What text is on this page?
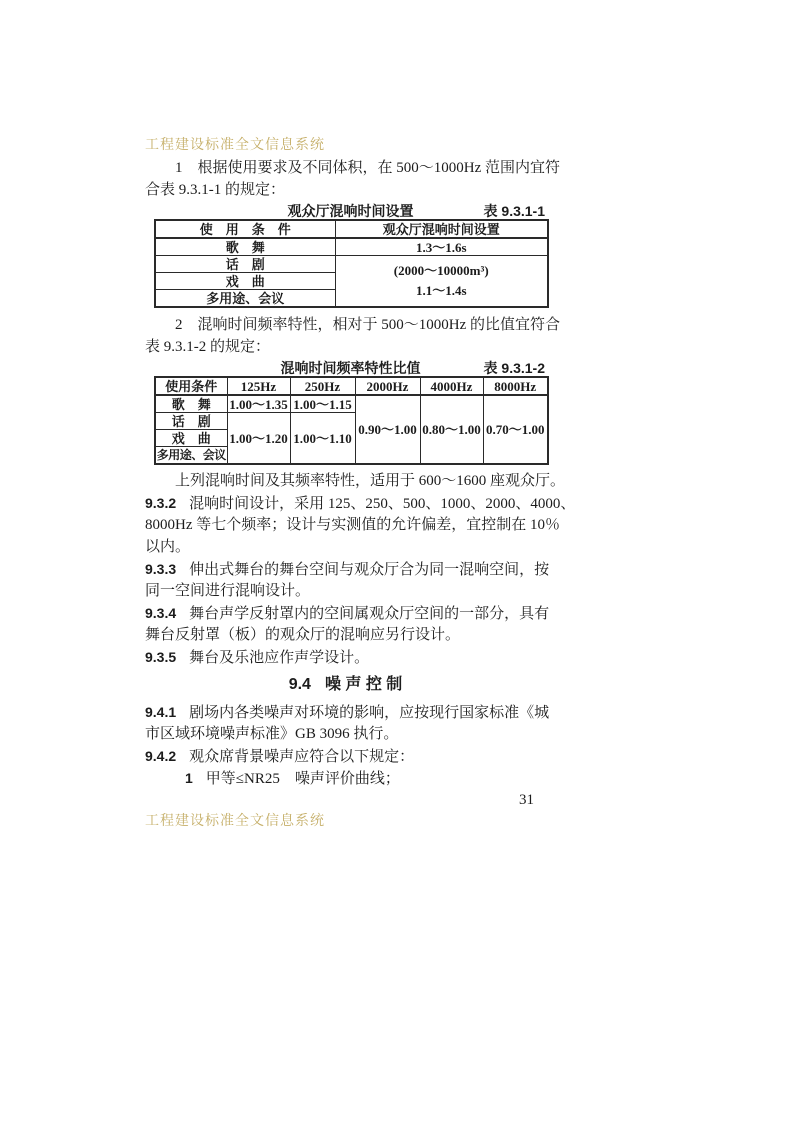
工程建设标准全文信息系统
1　根据使用要求及不同体积，在 500～1000Hz 范围内宜符
合表 9.3.1-1 的规定：
观众厅混响时间设置	表 9.3.1-1
使　用　条　件	观众厅混响时间设置
歌　舞	1.3～1.6s
话　剧	(2000～10000m³)
1.1～1.4s

戏　曲	
多用途、会议	
2　混响时间频率特性，相对于 500～1000Hz 的比值宜符合
表 9.3.1-2 的规定：
混响时间频率特性比值	表 9.3.1-2
使用条件	125Hz	250Hz	2000Hz	4000Hz	8000Hz
歌　舞	1.00～1.35	1.00～1.15	0.90～1.00	0.80～1.00	0.70～1.00
话　剧	1.00～1.20	1.00～1.10			
戏　曲					
多用途、会议					
上列混响时间及其频率特性，适用于 600～1600 座观众厅。
9.3.2 混响时间设计，采用 125、250、500、1000、2000、4000、
8000Hz 等七个频率；设计与实测值的允许偏差，宜控制在 10％
以内。
9.3.3 伸出式舞台的舞台空间与观众厅合为同一混响空间，按
同一空间进行混响设计。
9.3.4 舞台声学反射罩内的空间属观众厅空间的一部分，具有
舞台反射罩（板）的观众厅的混响应另行设计。
9.3.5 舞台及乐池应作声学设计。
9.4 噪 声 控 制
9.4.1 剧场内各类噪声对环境的影响，应按现行国家标准《城
市区域环境噪声标准》GB 3096 执行。
9.4.2 观众席背景噪声应符合以下规定：
1 甲等≤NR25　噪声评价曲线；
31
工程建设标准全文信息系统
